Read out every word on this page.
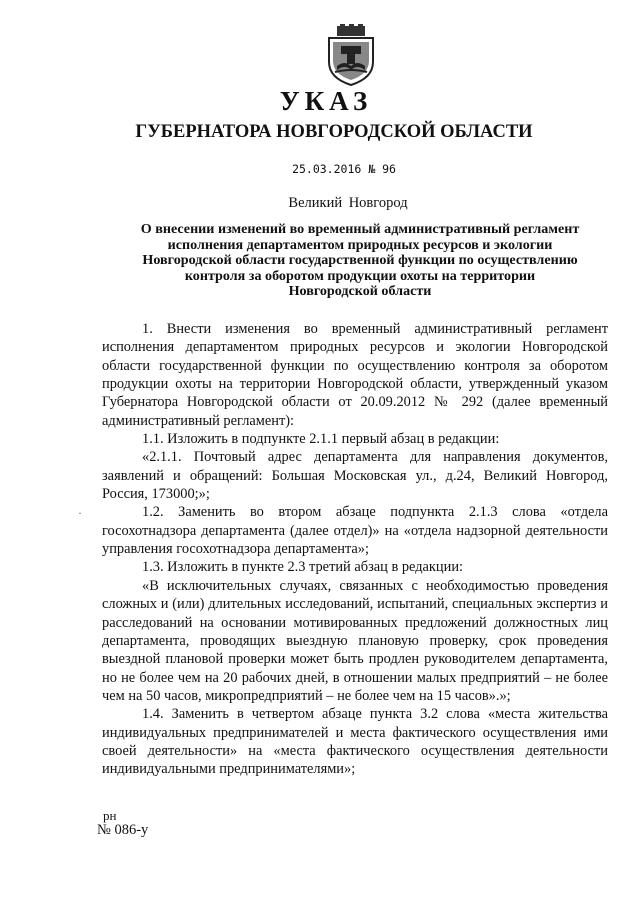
УКАЗ
ГУБЕРНАТОРА НОВГОРОДСКОЙ ОБЛАСТИ
25.03.2016 № 96
Великий Новгород
О внесении изменений во временный административный регламент
исполнения департаментом природных ресурсов и экологии
Новгородской области государственной функции по осуществлению
контроля за оборотом продукции охоты на территории
Новгородской области

1. Внести изменения во временный административный регламент исполнения департаментом природных ресурсов и экологии Новгородской области государственной функции по осуществлению контроля за оборотом продукции охоты на территории Новгородской области, утвержденный указом Губернатора Новгородской области от 20.09.2012 № 292 (далее временный административный регламент):

1.1. Изложить в подпункте 2.1.1 первый абзац в редакции:

«2.1.1. Почтовый адрес департамента для направления документов, заявлений и обращений: Большая Московская ул., д.24, Великий Новгород, Россия, 173000;»;

1.2. Заменить во втором абзаце подпункта 2.1.3 слова «отдела госохотнадзора департамента (далее отдел)» на «отдела надзорной деятельности управления госохотнадзора департамента»;

1.3. Изложить в пункте 2.3 третий абзац в редакции:

«В исключительных случаях, связанных с необходимостью проведения сложных и (или) длительных исследований, испытаний, специальных экспертиз и расследований на основании мотивированных предложений должностных лиц департамента, проводящих выездную плановую проверку, срок проведения выездной плановой проверки может быть продлен руководителем департамента, но не более чем на 20 рабочих дней, в отношении малых предприятий – не более чем на 50 часов, микропредприятий – не более чем на 15 часов».»;

1.4. Заменить в четвертом абзаце пункта 3.2 слова «места жительства индивидуальных предпринимателей и места фактического осуществления ими своей деятельности» на «места фактического осуществления деятельности индивидуальными предпринимателями»;

·
рн
№ 086-у
